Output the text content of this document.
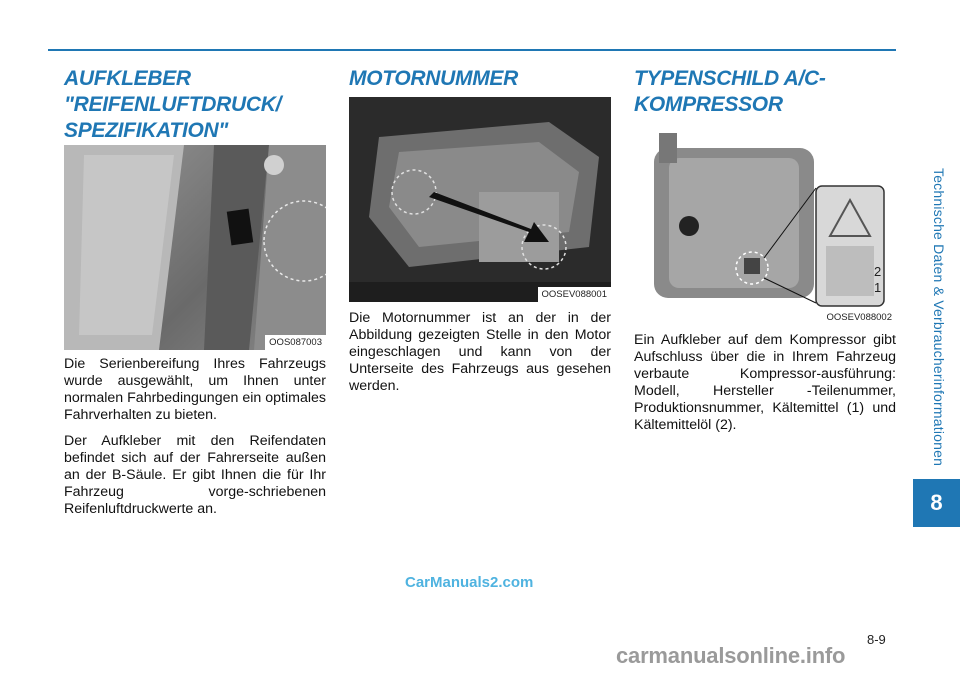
Technische Daten & Verbraucherinformationen
8
AUFKLEBER
"REIFENLUFTDRUCK/
SPEZIFIKATION"
OOS087003

Die Serienbereifung Ihres Fahrzeugs wurde ausgewählt, um Ihnen unter normalen Fahrbedingungen ein optimales Fahrverhalten zu bieten.

Der Aufkleber mit den Reifendaten befindet sich auf der Fahrerseite außen an der B-Säule. Er gibt Ihnen die für Ihr Fahrzeug vorge-schriebenen Reifenluftdruckwerte an.

MOTORNUMMER
OOSEV088001

Die Motornummer ist an der in der Abbildung gezeigten Stelle in den Motor eingeschlagen und kann von der Unterseite des Fahrzeugs aus gesehen werden.

TYPENSCHILD A/C-
KOMPRESSOR
2
1
OOSEV088002

Ein Aufkleber auf dem Kompressor gibt Aufschluss über die in Ihrem Fahrzeug verbaute Kompressor-ausführung: Modell, Hersteller -Teilenummer, Produktionsnummer, Kältemittel (1) und Kältemittelöl (2).

CarManuals2.com
8-9
carmanualsonline.info
